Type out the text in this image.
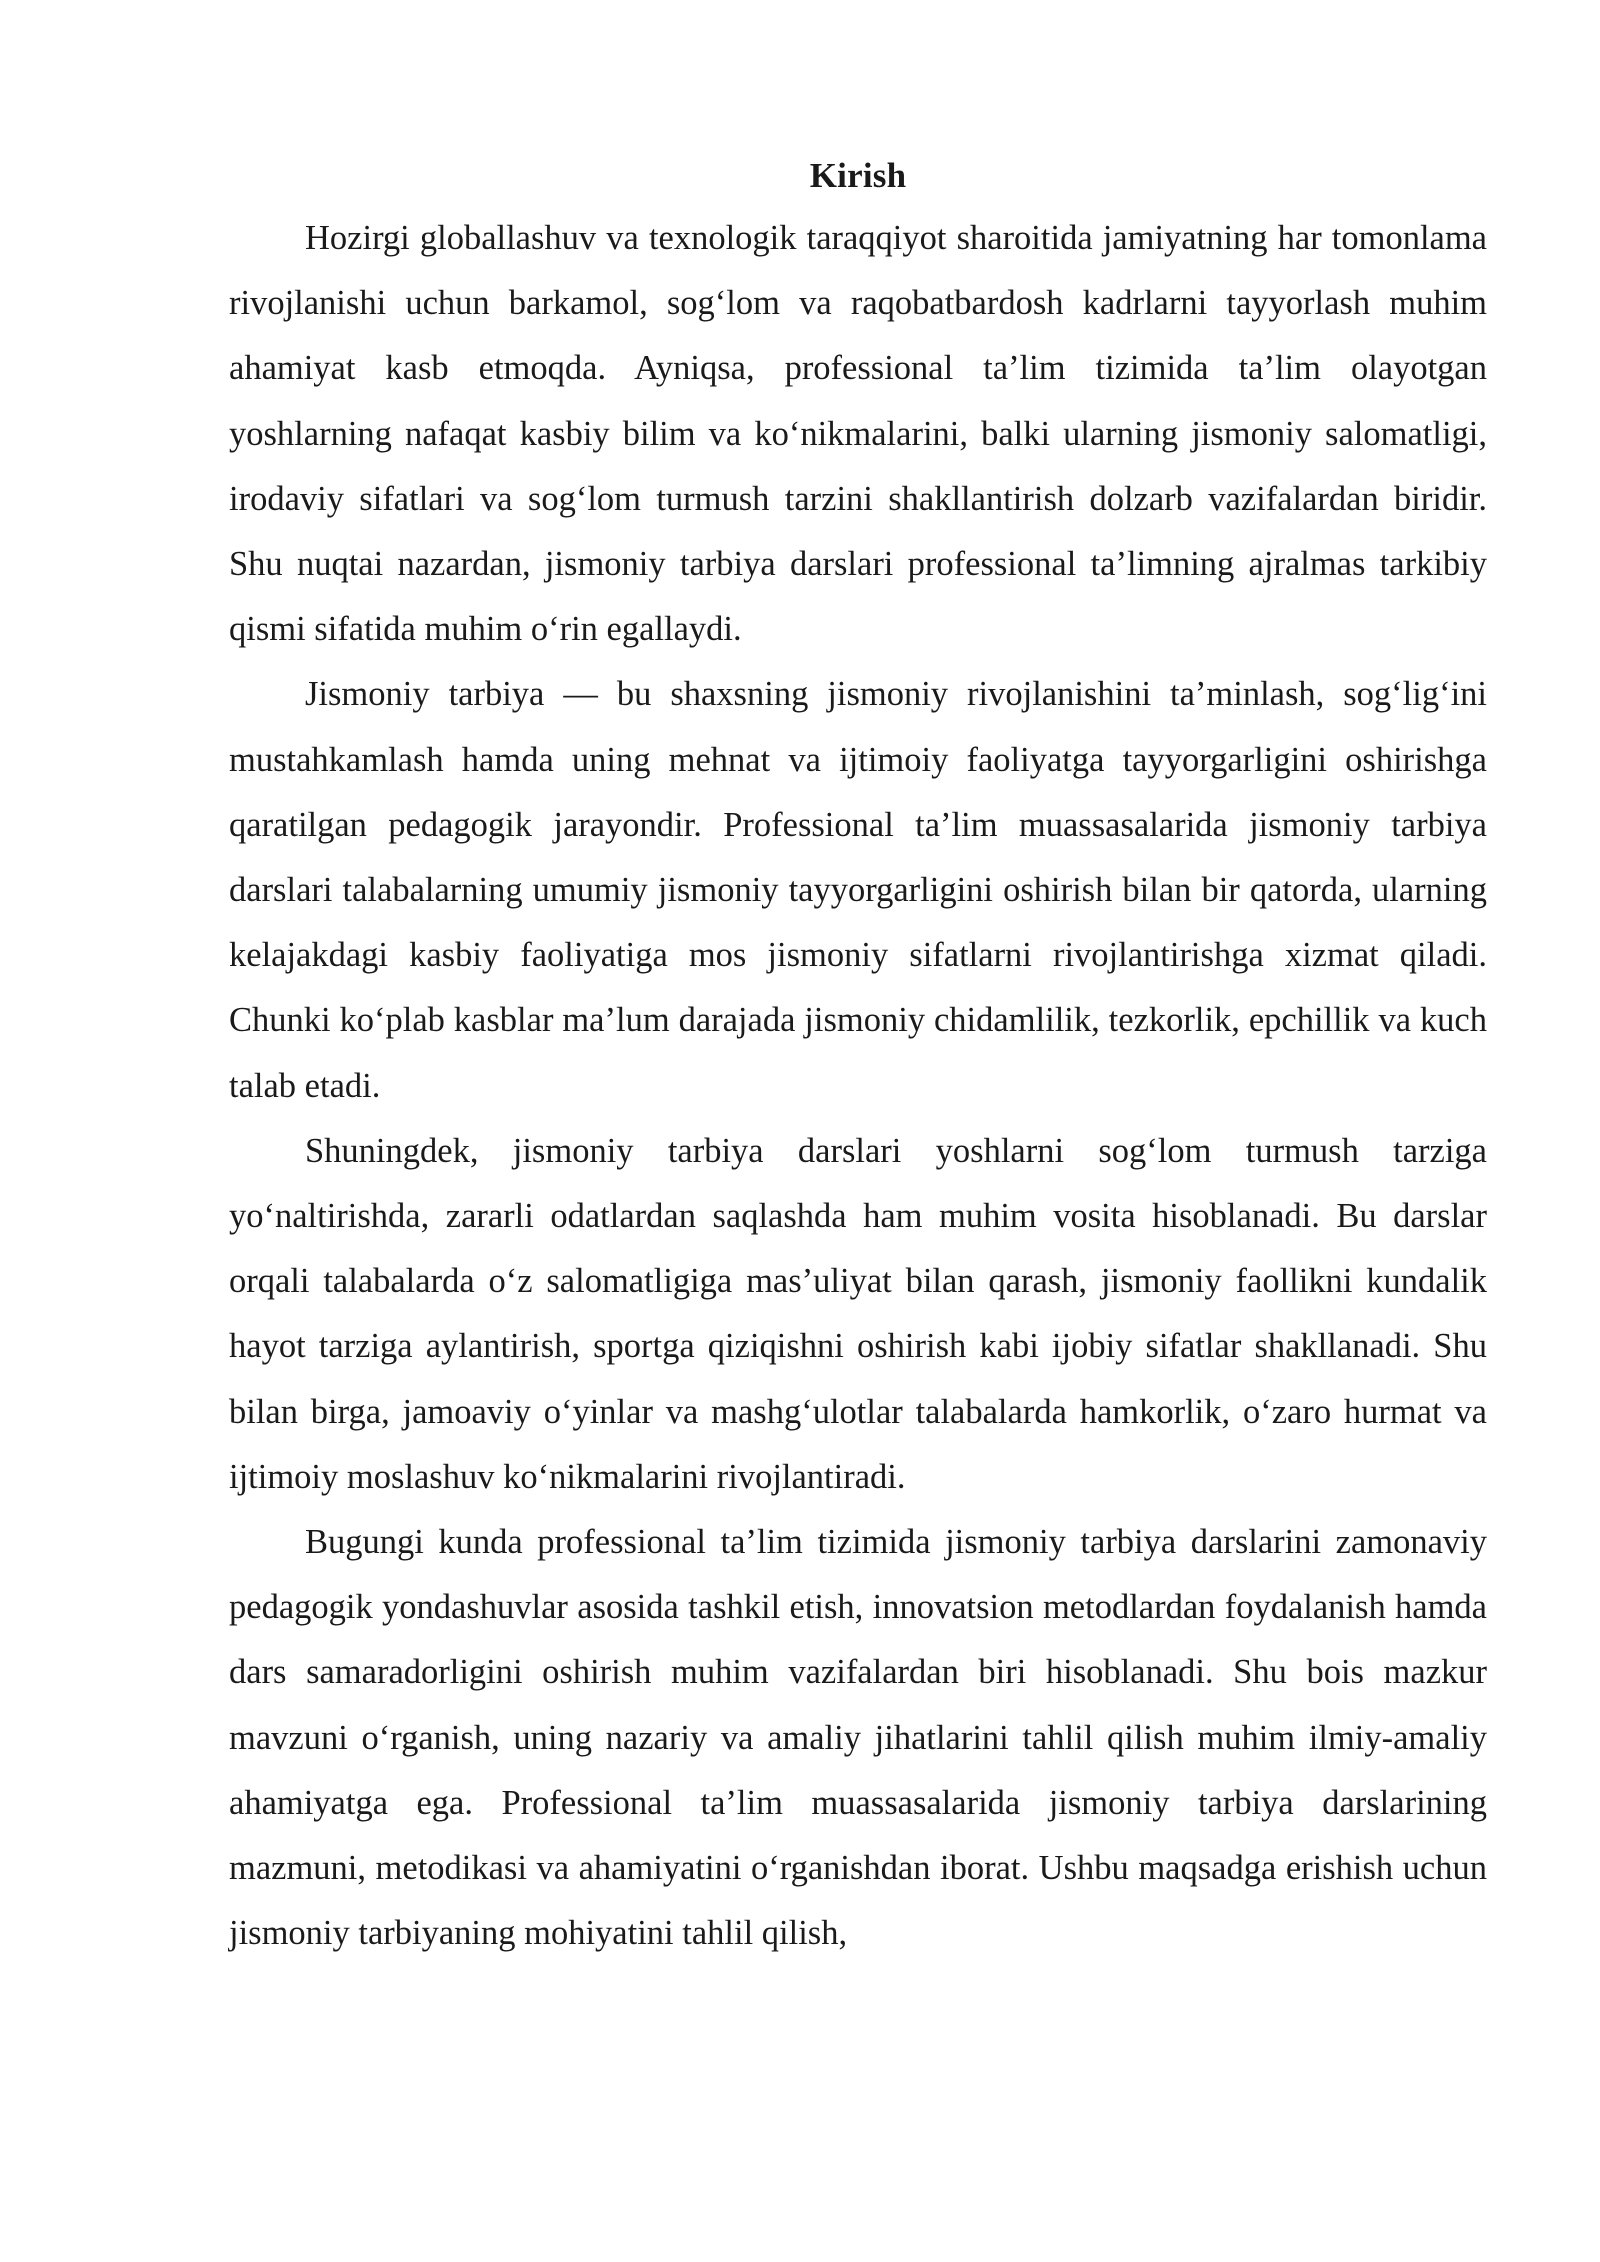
Kirish

Hozirgi globallashuv va texnologik taraqqiyot sharoitida jamiyatning har tomonlama rivojlanishi uchun barkamol, sog‘lom va raqobatbardosh kadrlarni tayyorlash muhim ahamiyat kasb etmoqda. Ayniqsa, professional ta’lim tizimida ta’lim olayotgan yoshlarning nafaqat kasbiy bilim va ko‘nikmalarini, balki ularning jismoniy salomatligi, irodaviy sifatlari va sog‘lom turmush tarzini shakllantirish dolzarb vazifalardan biridir. Shu nuqtai nazardan, jismoniy tarbiya darslari professional ta’limning ajralmas tarkibiy qismi sifatida muhim o‘rin egallaydi.

Jismoniy tarbiya — bu shaxsning jismoniy rivojlanishini ta’minlash, sog‘lig‘ini mustahkamlash hamda uning mehnat va ijtimoiy faoliyatga tayyorgarligini oshirishga qaratilgan pedagogik jarayondir. Professional ta’lim muassasalarida jismoniy tarbiya darslari talabalarning umumiy jismoniy tayyorgarligini oshirish bilan bir qatorda, ularning kelajakdagi kasbiy faoliyatiga mos jismoniy sifatlarni rivojlantirishga xizmat qiladi. Chunki ko‘plab kasblar ma’lum darajada jismoniy chidamlilik, tezkorlik, epchillik va kuch talab etadi.

Shuningdek, jismoniy tarbiya darslari yoshlarni sog‘lom turmush tarziga yo‘naltirishda, zararli odatlardan saqlashda ham muhim vosita hisoblanadi. Bu darslar orqali talabalarda o‘z salomatligiga mas’uliyat bilan qarash, jismoniy faollikni kundalik hayot tarziga aylantirish, sportga qiziqishni oshirish kabi ijobiy sifatlar shakllanadi. Shu bilan birga, jamoaviy o‘yinlar va mashg‘ulotlar talabalarda hamkorlik, o‘zaro hurmat va ijtimoiy moslashuv ko‘nikmalarini rivojlantiradi.

Bugungi kunda professional ta’lim tizimida jismoniy tarbiya darslarini zamonaviy pedagogik yondashuvlar asosida tashkil etish, innovatsion metodlardan foydalanish hamda dars samaradorligini oshirish muhim vazifalardan biri hisoblanadi. Shu bois mazkur mavzuni o‘rganish, uning nazariy va amaliy jihatlarini tahlil qilish muhim ilmiy-amaliy ahamiyatga ega. Professional ta’lim muassasalarida jismoniy tarbiya darslarining mazmuni, metodikasi va ahamiyatini o‘rganishdan iborat. Ushbu maqsadga erishish uchun jismoniy tarbiyaning mohiyatini tahlil qilish,
